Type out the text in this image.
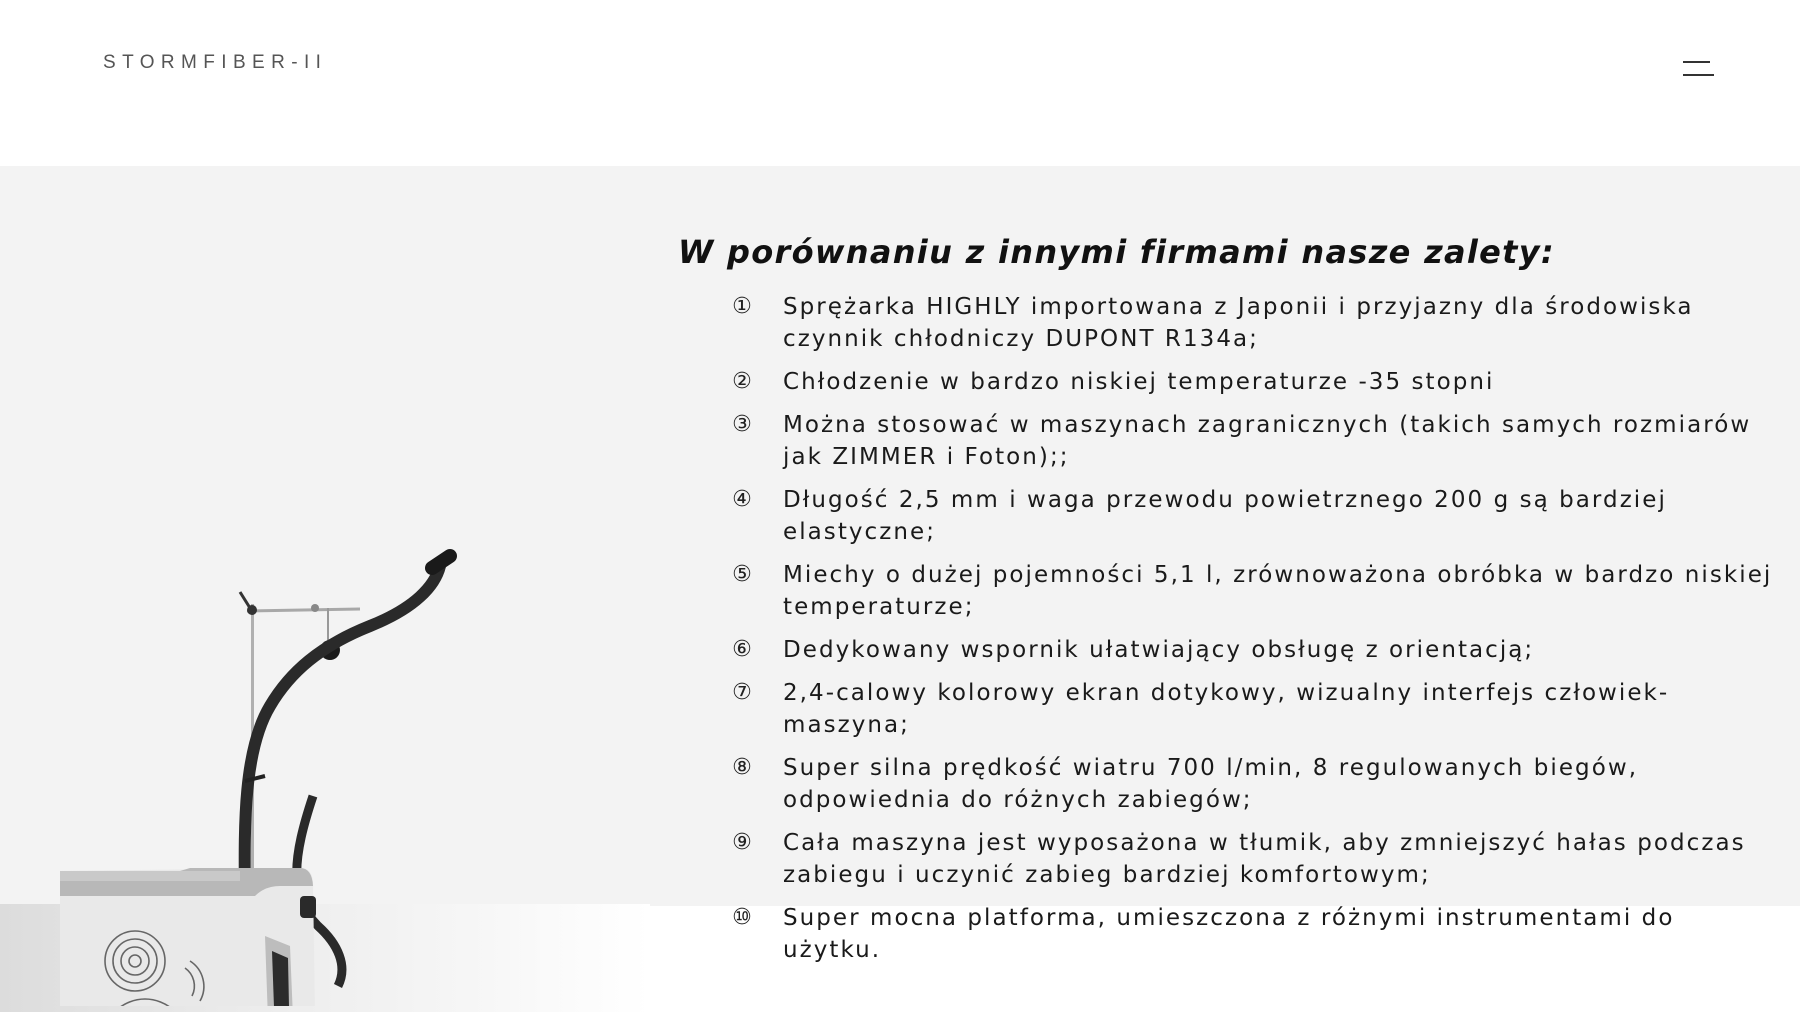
STORMFIBER-II
W porównaniu z innymi firmami nasze zalety:
① Sprężarka HIGHLY importowana z Japonii i przyjazny dla środowiska czynnik chłodniczy DUPONT R134a;
② Chłodzenie w bardzo niskiej temperaturze -35 stopni
③ Można stosować w maszynach zagranicznych (takich samych rozmiarów jak ZIMMER i Foton);;
④ Długość 2,5 mm i waga przewodu powietrznego 200 g są bardziej elastyczne;
⑤ Miechy o dużej pojemności 5,1 l, zrównoważona obróbka w bardzo niskiej temperaturze;
⑥ Dedykowany wspornik ułatwiający obsługę z orientacją;
⑦ 2,4-calowy kolorowy ekran dotykowy, wizualny interfejs człowiek-maszyna;
⑧ Super silna prędkość wiatru 700 l/min, 8 regulowanych biegów, odpowiednia do różnych zabiegów;
⑨ Cała maszyna jest wyposażona w tłumik, aby zmniejszyć hałas podczas zabiegu i uczynić zabieg bardziej komfortowym;
⑩ Super mocna platforma, umieszczona z różnymi instrumentami do użytku.
